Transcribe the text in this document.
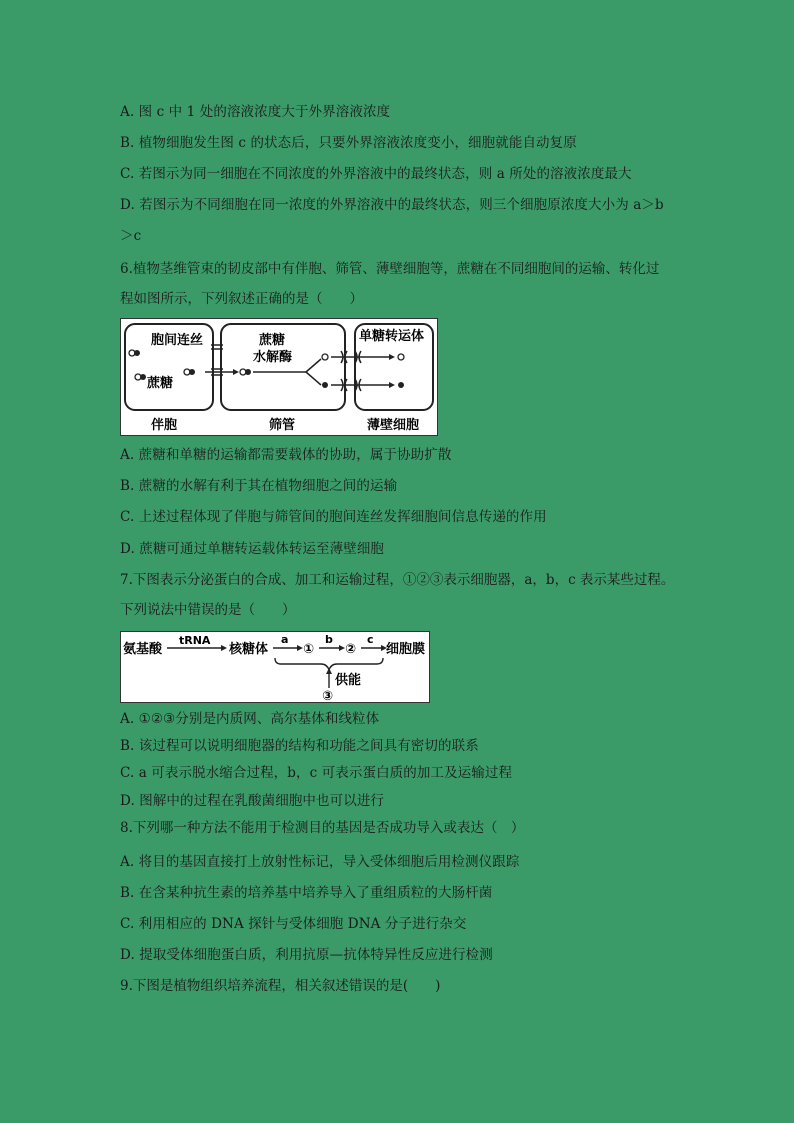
A. 图 c 中 1 处的溶液浓度大于外界溶液浓度
B. 植物细胞发生图 c 的状态后，只要外界溶液浓度变小，细胞就能自动复原
C. 若图示为同一细胞在不同浓度的外界溶液中的最终状态，则 a 所处的溶液浓度最大
D. 若图示为不同细胞在同一浓度的外界溶液中的最终状态，则三个细胞原浓度大小为 a＞b
＞c
6.植物茎维管束的韧皮部中有伴胞、筛管、薄壁细胞等，蔗糖在不同细胞间的运输、转化过
程如图所示，下列叙述正确的是（　　）
胞间连丝
蔗糖
蔗糖
水解酶
单糖转运体
伴胞	筛管	薄壁细胞
A. 蔗糖和单糖的运输都需要载体的协助，属于协助扩散
B. 蔗糖的水解有利于其在植物细胞之间的运输
C. 上述过程体现了伴胞与筛管间的胞间连丝发挥细胞间信息传递的作用
D. 蔗糖可通过单糖转运载体转运至薄壁细胞
7.下图表示分泌蛋白的合成、加工和运输过程，①②③表示细胞器，a，b，c 表示某些过程。
下列说法中错误的是（　　）
氨基酸
tRNA
核糖体
a
①
b
②
c
细胞膜
供能
③
A. ①②③分别是内质网、高尔基体和线粒体
B. 该过程可以说明细胞器的结构和功能之间具有密切的联系
C. a 可表示脱水缩合过程，b，c 可表示蛋白质的加工及运输过程
D. 图解中的过程在乳酸菌细胞中也可以进行
8.下列哪一种方法不能用于检测目的基因是否成功导入或表达（　）
A. 将目的基因直接打上放射性标记，导入受体细胞后用检测仪跟踪
B. 在含某种抗生素的培养基中培养导入了重组质粒的大肠杆菌
C. 利用相应的 DNA 探针与受体细胞 DNA 分子进行杂交
D. 提取受体细胞蛋白质，利用抗原—抗体特异性反应进行检测
9.下图是植物组织培养流程，相关叙述错误的是(　　)
